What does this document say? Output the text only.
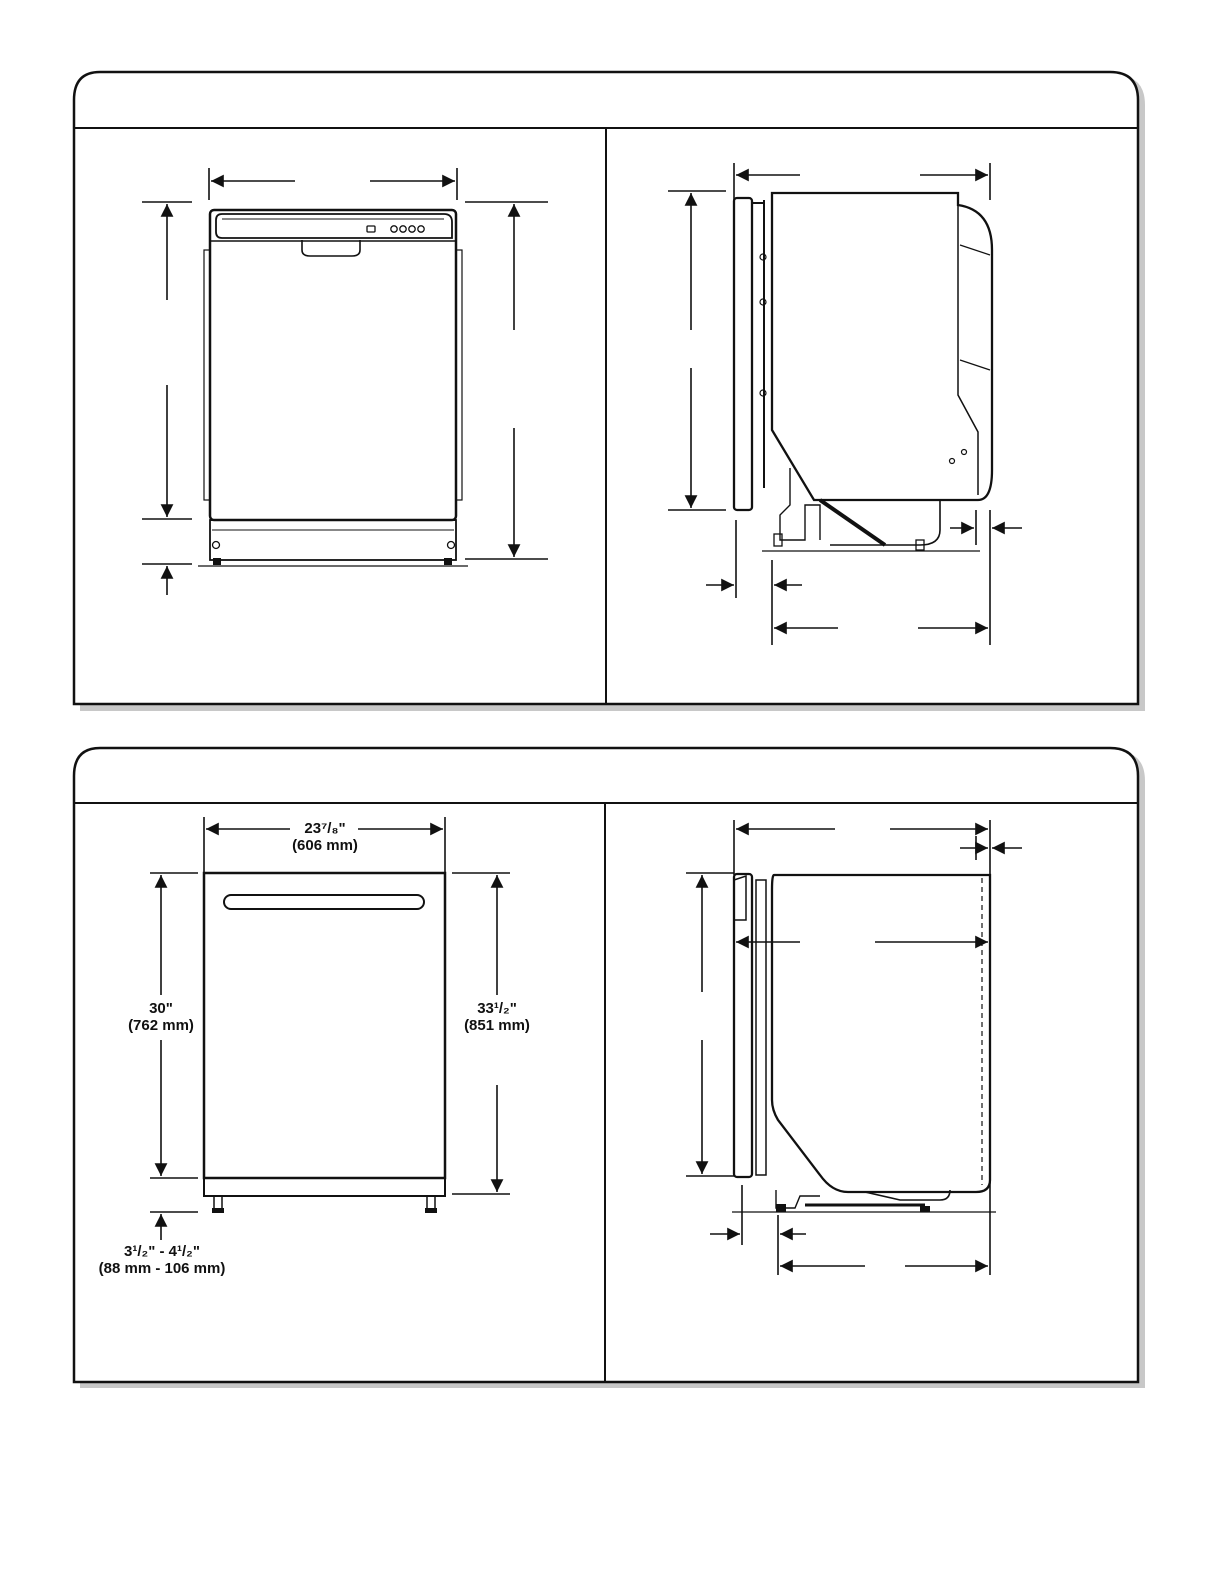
23⁷/₈"
(606 mm)
30"
(762 mm)
33¹/₂"
(851 mm)
3¹/₂" - 4¹/₂"
(88 mm - 106 mm)
